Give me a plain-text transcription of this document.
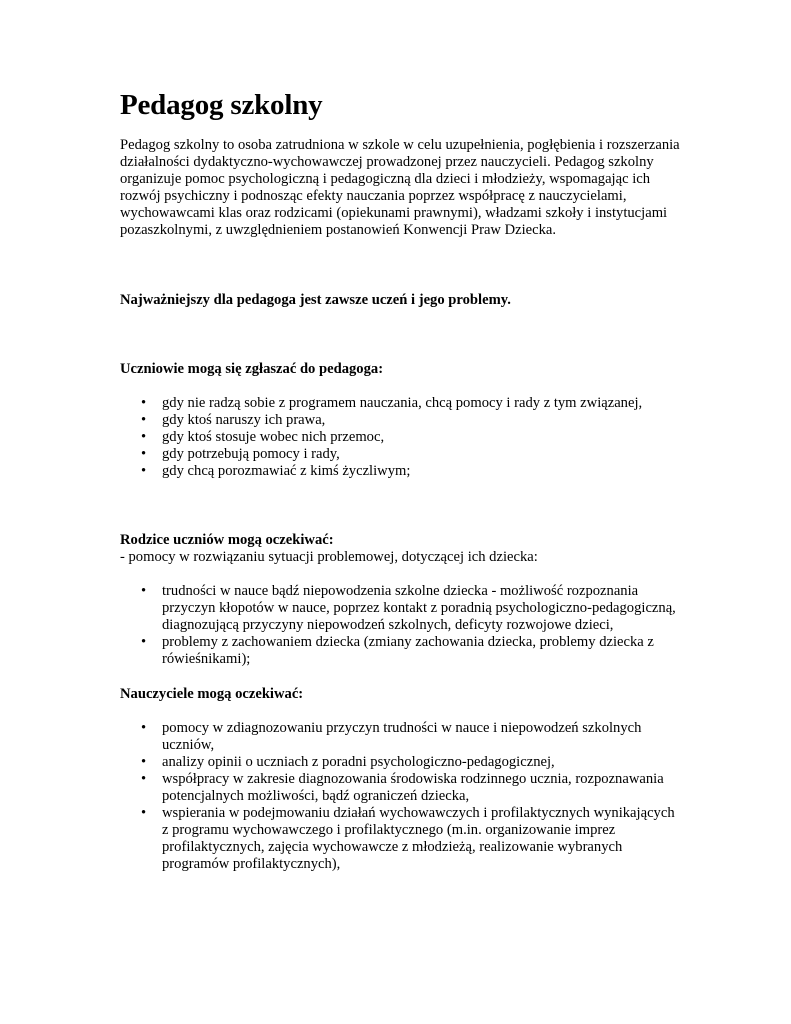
Pedagog szkolny

Pedagog szkolny to osoba zatrudniona w szkole w celu uzupełnienia, pogłębienia i rozszerzania działalności dydaktyczno-wychowawczej prowadzonej przez nauczycieli. Pedagog szkolny organizuje pomoc psychologiczną i pedagogiczną dla dzieci i młodzieży, wspomagając ich rozwój psychiczny i podnosząc efekty nauczania poprzez współpracę z nauczycielami, wychowawcami klas oraz rodzicami (opiekunami prawnymi), władzami szkoły i instytucjami pozaszkolnymi, z uwzględnieniem postanowień Konwencji Praw Dziecka.

Najważniejszy dla pedagoga jest zawsze uczeń i jego problemy.

Uczniowie mogą się zgłaszać do pedagoga:

• gdy nie radzą sobie z programem nauczania, chcą pomocy i rady z tym związanej,
• gdy ktoś naruszy ich prawa,
• gdy ktoś stosuje wobec nich przemoc,
• gdy potrzebują pomocy i rady,
• gdy chcą porozmawiać z kimś życzliwym;

Rodzice uczniów mogą oczekiwać:

- pomocy w rozwiązaniu sytuacji problemowej, dotyczącej ich dziecka:

• trudności w nauce bądź niepowodzenia szkolne dziecka - możliwość rozpoznania przyczyn kłopotów w nauce, poprzez kontakt z poradnią psychologiczno-pedagogiczną, diagnozującą przyczyny niepowodzeń szkolnych, deficyty rozwojowe dzieci,
• problemy z zachowaniem dziecka (zmiany zachowania dziecka, problemy dziecka z rówieśnikami);

Nauczyciele mogą oczekiwać:

• pomocy w zdiagnozowaniu przyczyn trudności w nauce i niepowodzeń szkolnych uczniów,
• analizy opinii o uczniach z poradni psychologiczno-pedagogicznej,
• współpracy w zakresie diagnozowania środowiska rodzinnego ucznia, rozpoznawania potencjalnych możliwości, bądź ograniczeń dziecka,
• wspierania w podejmowaniu działań wychowawczych i profilaktycznych wynikających z programu wychowawczego i profilaktycznego (m.in. organizowanie imprez profilaktycznych, zajęcia wychowawcze z młodzieżą, realizowanie wybranych programów profilaktycznych),
